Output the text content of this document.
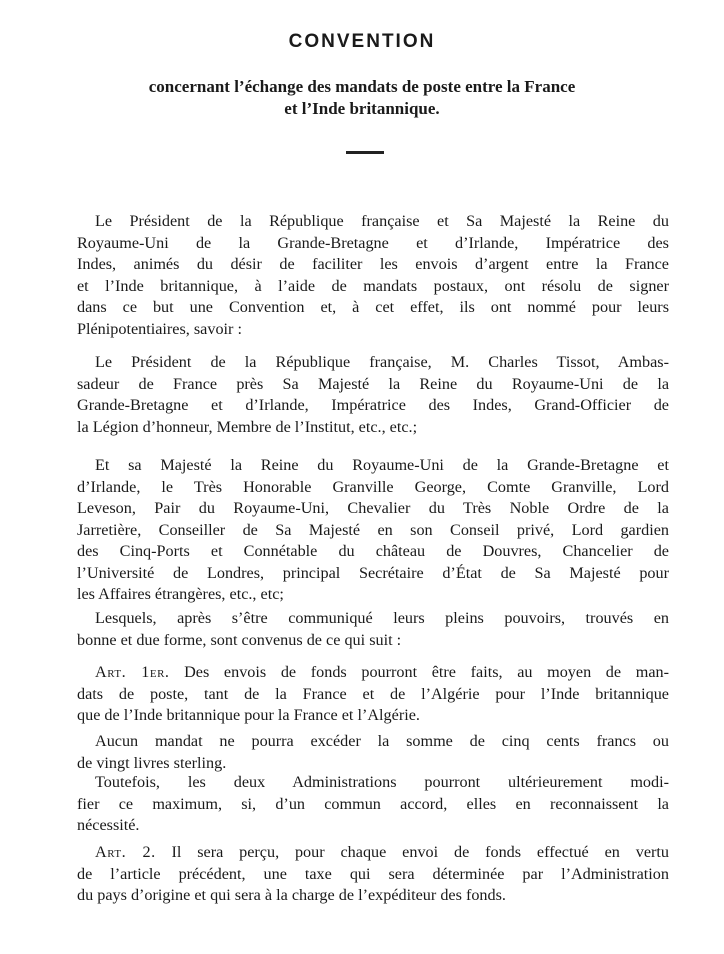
CONVENTION
concernant l’échange des mandats de poste entre la France
et l’Inde britannique.

Le Président de la République française et Sa Majesté la Reine du
Royaume-Uni de la Grande-Bretagne et d’Irlande, Impératrice des
Indes, animés du désir de faciliter les envois d’argent entre la France
et l’Inde britannique, à l’aide de mandats postaux, ont résolu de signer
dans ce but une Convention et, à cet effet, ils ont nommé pour leurs
Plénipotentiaires, savoir :

Le Président de la République française, M. Charles Tissot, Ambas-
sadeur de France près Sa Majesté la Reine du Royaume-Uni de la
Grande-Bretagne et d’Irlande, Impératrice des Indes, Grand-Officier de
la Légion d’honneur, Membre de l’Institut, etc., etc.;

Et sa Majesté la Reine du Royaume-Uni de la Grande-Bretagne et
d’Irlande, le Très Honorable Granville George, Comte Granville, Lord
Leveson, Pair du Royaume-Uni, Chevalier du Très Noble Ordre de la
Jarretière, Conseiller de Sa Majesté en son Conseil privé, Lord gardien
des Cinq-Ports et Connétable du château de Douvres, Chancelier de
l’Université de Londres, principal Secrétaire d’État de Sa Majesté pour
les Affaires étrangères, etc., etc;

Lesquels, après s’être communiqué leurs pleins pouvoirs, trouvés en
bonne et due forme, sont convenus de ce qui suit :

Art. 1er. Des envois de fonds pourront être faits, au moyen de man-
dats de poste, tant de la France et de l’Algérie pour l’Inde britannique
que de l’Inde britannique pour la France et l’Algérie.

Aucun mandat ne pourra excéder la somme de cinq cents francs ou
de vingt livres sterling.

Toutefois, les deux Administrations pourront ultérieurement modi-
fier ce maximum, si, d’un commun accord, elles en reconnaissent la
nécessité.

Art. 2. Il sera perçu, pour chaque envoi de fonds effectué en vertu
de l’article précédent, une taxe qui sera déterminée par l’Administration
du pays d’origine et qui sera à la charge de l’expéditeur des fonds.
